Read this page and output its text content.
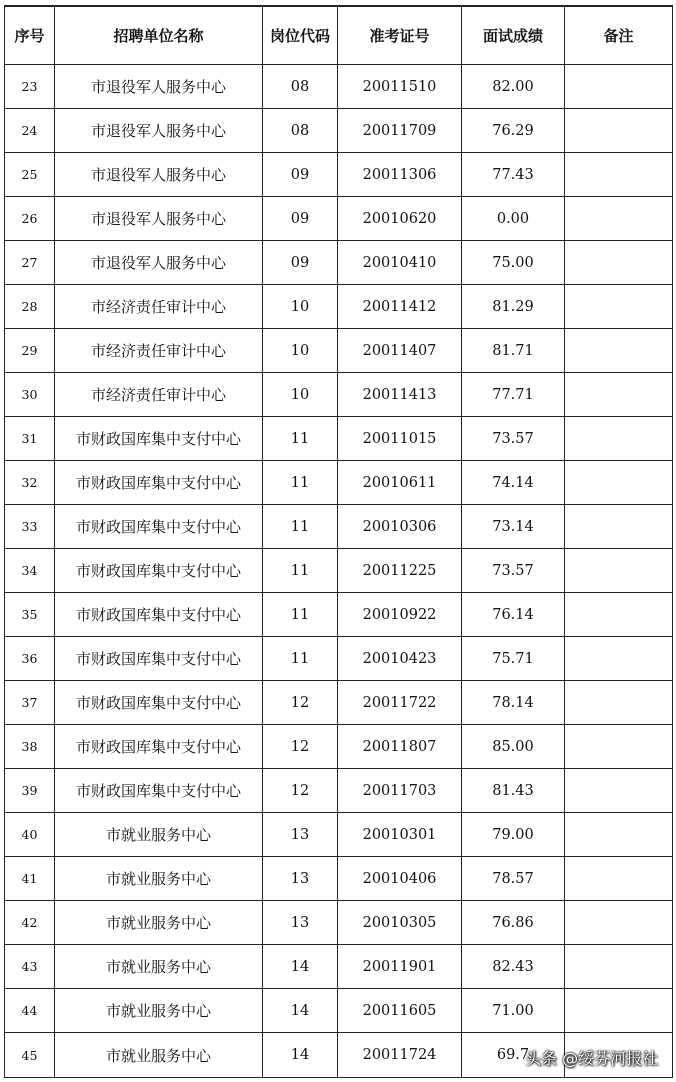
序号	招聘单位名称	岗位代码	准考证号	面试成绩	备注
23	市退役军人服务中心	08	20011510	82.00	
24	市退役军人服务中心	08	20011709	76.29	
25	市退役军人服务中心	09	20011306	77.43	
26	市退役军人服务中心	09	20010620	0.00	
27	市退役军人服务中心	09	20010410	75.00	
28	市经济责任审计中心	10	20011412	81.29	
29	市经济责任审计中心	10	20011407	81.71	
30	市经济责任审计中心	10	20011413	77.71	
31	市财政国库集中支付中心	11	20011015	73.57	
32	市财政国库集中支付中心	11	20010611	74.14	
33	市财政国库集中支付中心	11	20010306	73.14	
34	市财政国库集中支付中心	11	20011225	73.57	
35	市财政国库集中支付中心	11	20010922	76.14	
36	市财政国库集中支付中心	11	20010423	75.71	
37	市财政国库集中支付中心	12	20011722	78.14	
38	市财政国库集中支付中心	12	20011807	85.00	
39	市财政国库集中支付中心	12	20011703	81.43	
40	市就业服务中心	13	20010301	79.00	
41	市就业服务中心	13	20010406	78.57	
42	市就业服务中心	13	20010305	76.86	
43	市就业服务中心	14	20011901	82.43	
44	市就业服务中心	14	20011605	71.00	
45	市就业服务中心	14	20011724	69.7	
头条 @绥芬河报社
